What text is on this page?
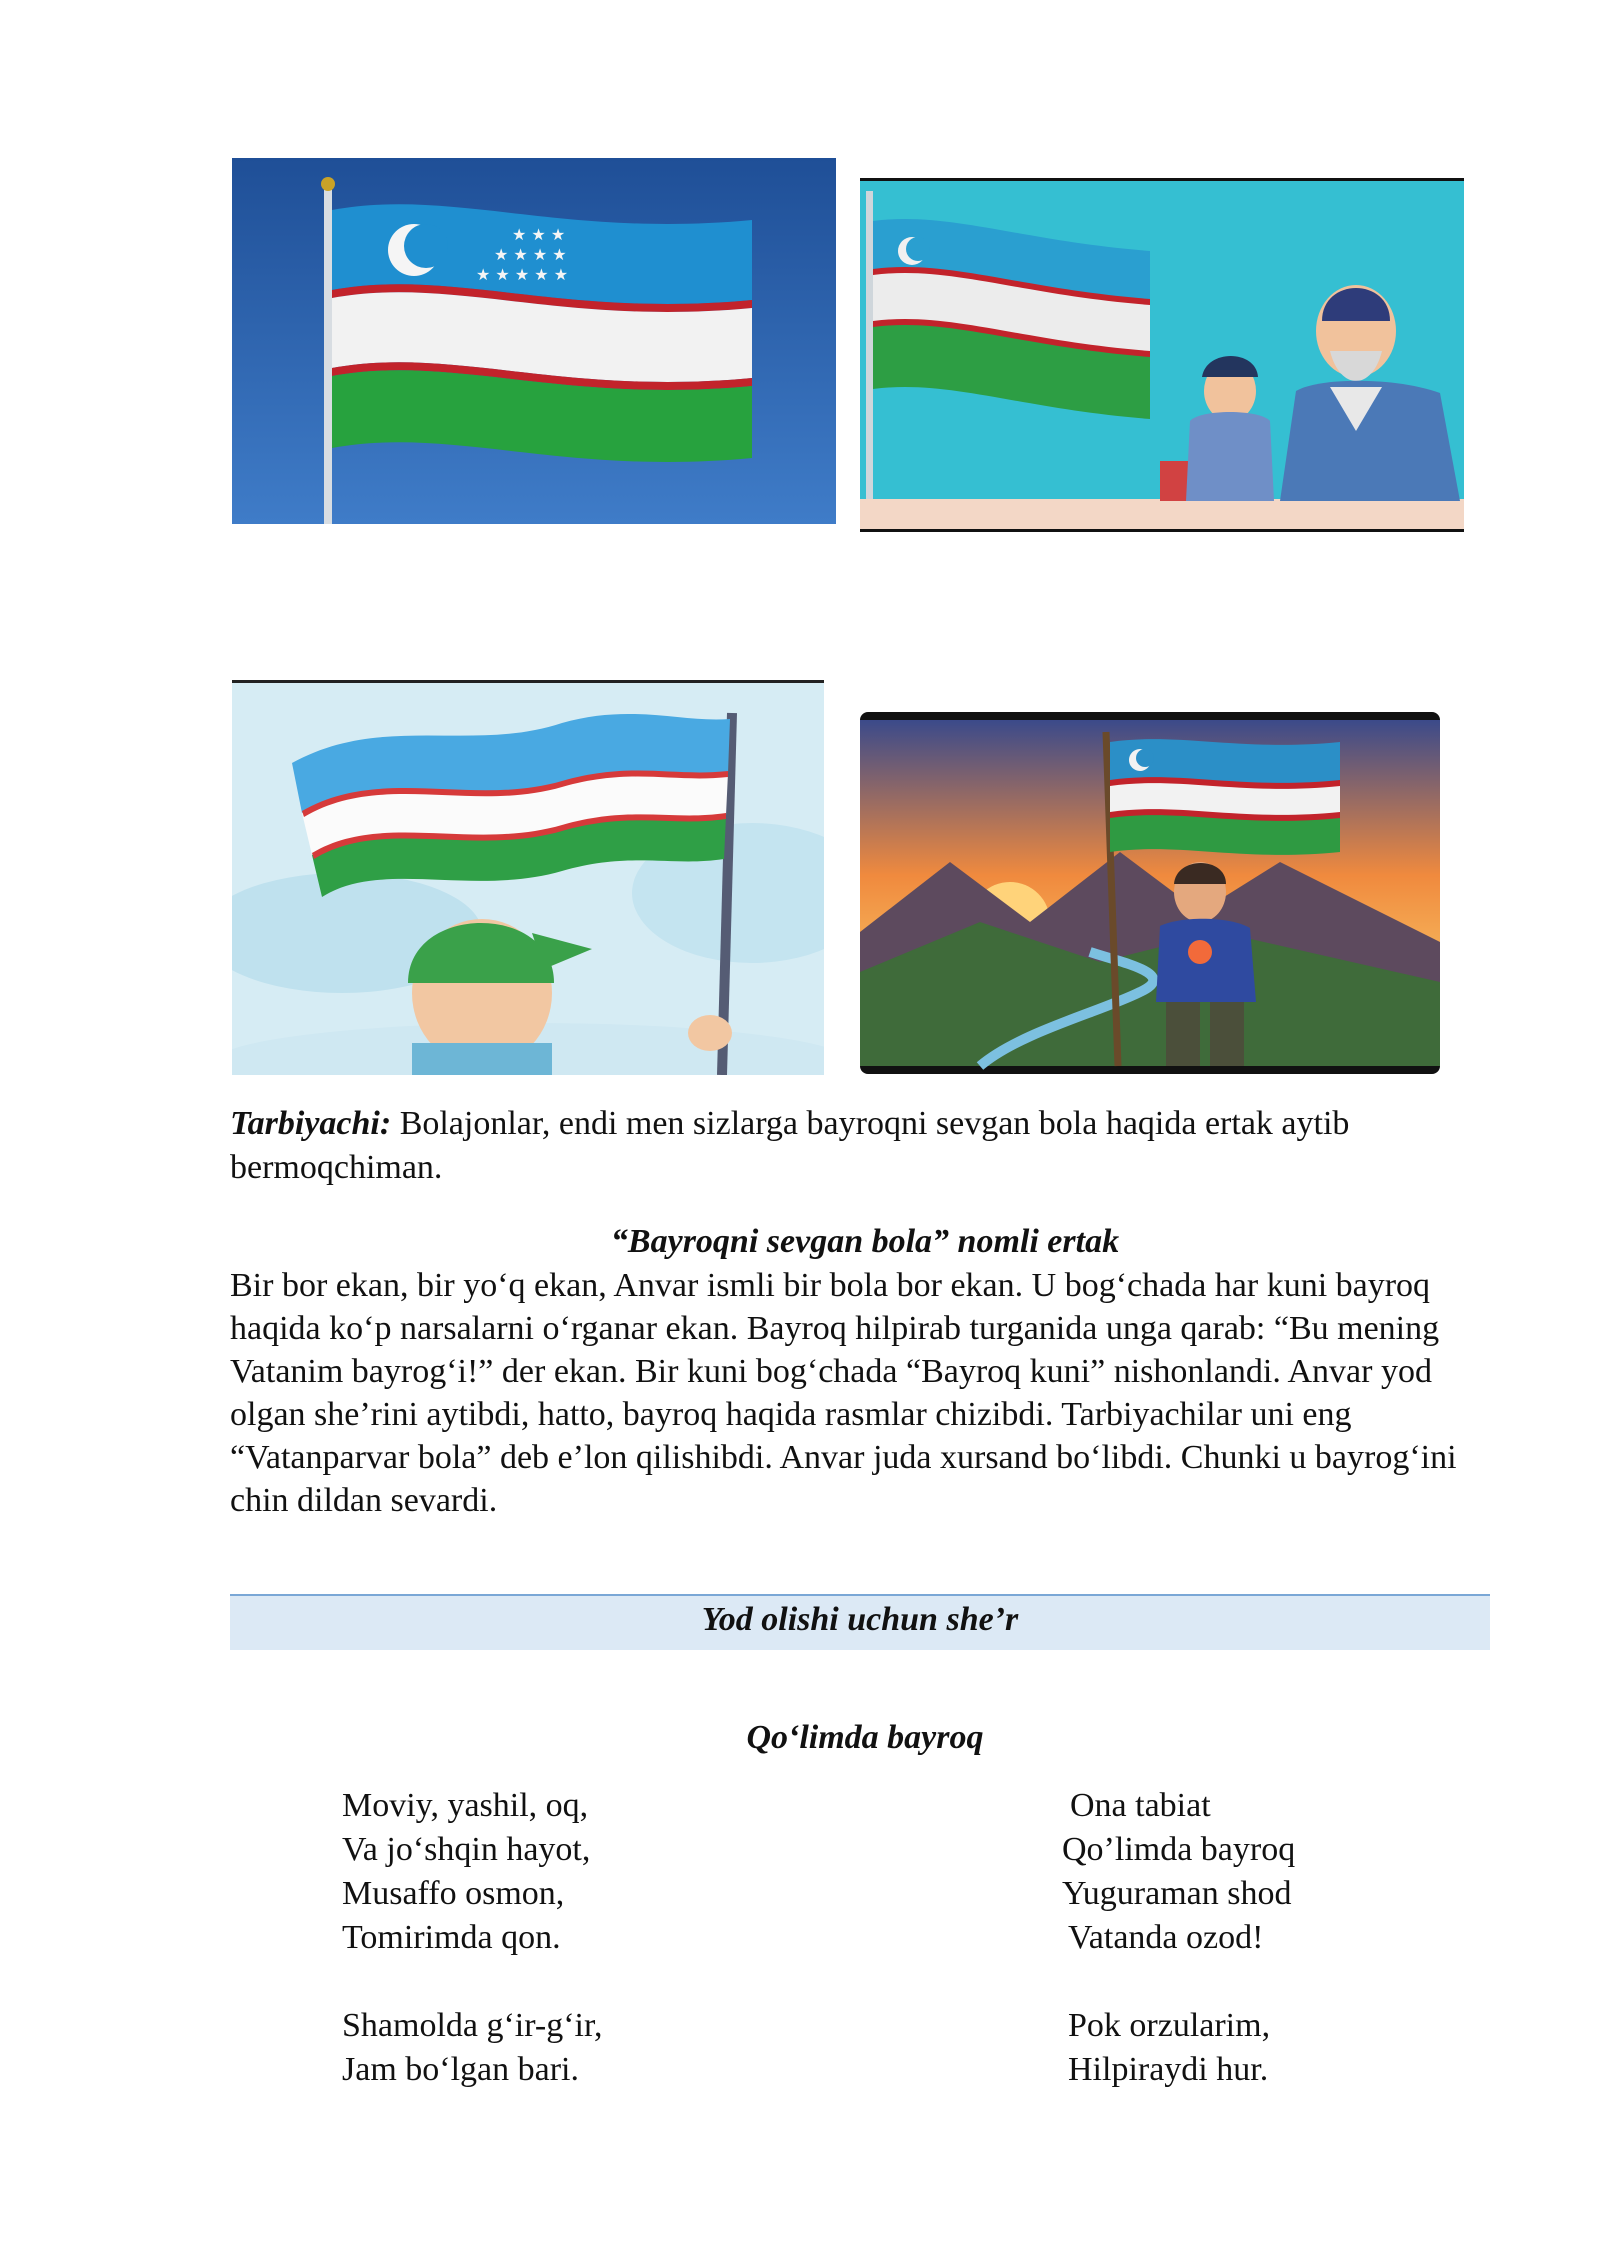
★ ★ ★
★ ★ ★ ★
★ ★ ★ ★ ★
Tarbiyachi: Bolajonlar, endi men sizlarga bayroqni sevgan bola haqida ertak aytib bermoqchiman.
“Bayroqni sevgan bola” nomli ertak
Bir bor ekan, bir yo‘q ekan, Anvar ismli bir bola bor ekan. U bog‘chada har kuni bayroq haqida ko‘p narsalarni o‘rganar ekan. Bayroq hilpirab turganida unga qarab: “Bu mening Vatanim bayrog‘i!” der ekan. Bir kuni bog‘chada “Bayroq kuni” nishonlandi. Anvar yod olgan she’rini aytibdi, hatto, bayroq haqida rasmlar chizibdi. Tarbiyachilar uni eng “Vatanparvar bola” deb e’lon qilishibdi. Anvar juda xursand bo‘libdi. Chunki u bayrog‘ini chin dildan sevardi.
Yod olishi uchun she’r
Qo‘limda bayroq
Moviy, yashil, oq,
Va jo‘shqin hayot,
Musaffo osmon,
Tomirimda qon.
Shamolda g‘ir-g‘ir,
Jam bo‘lgan bari.
Ona tabiat
Qo’limda bayroq
Yuguraman shod
Vatanda ozod!
Pok orzularim,
Hilpiraydi hur.
